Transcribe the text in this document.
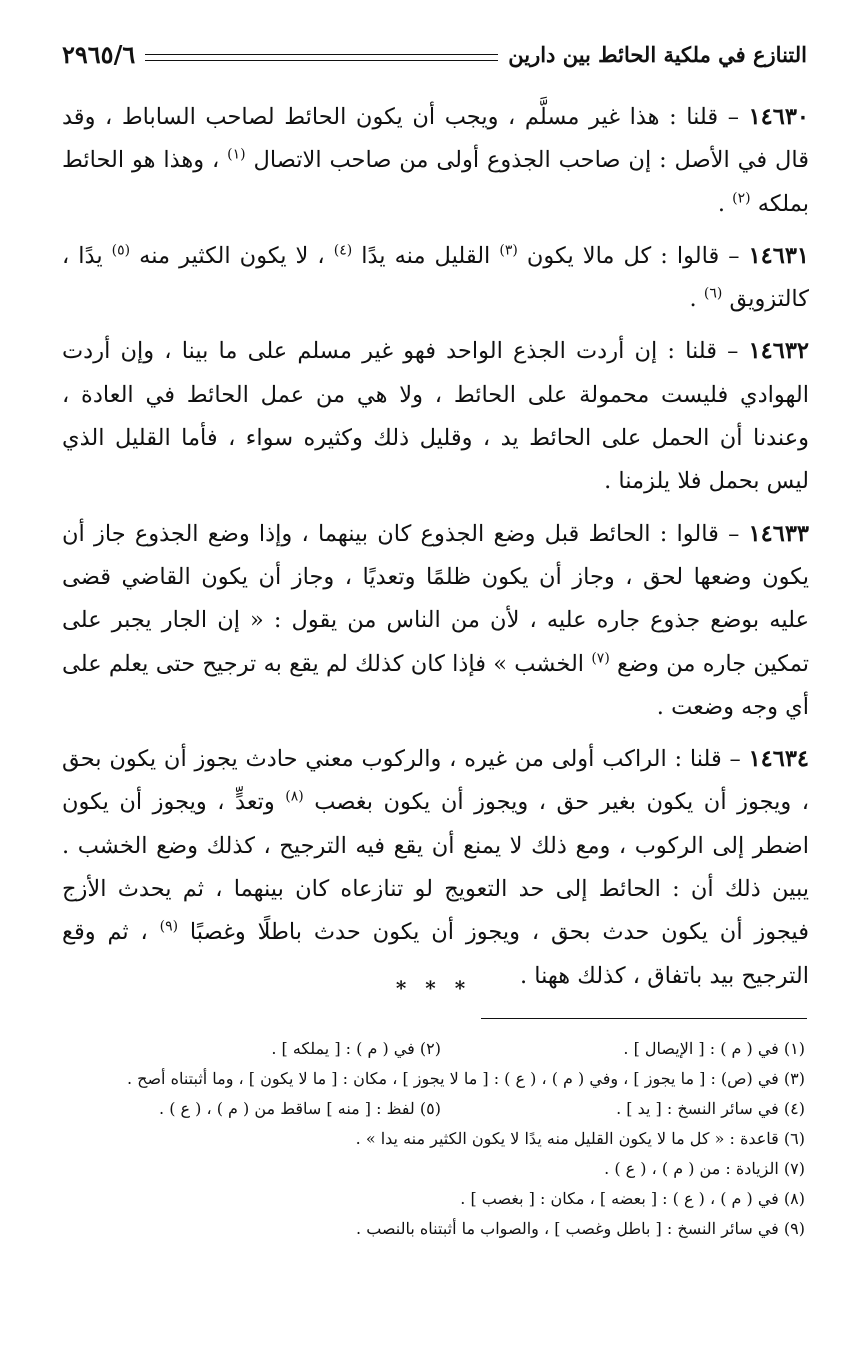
التنازع في ملكية الحائط بين دارين
٢٩٦٥/٦

١٤٦٣٠ – قلنا : هذا غير مسلَّم ، ويجب أن يكون الحائط لصاحب الساباط ، وقد قال في الأصل : إن صاحب الجذوع أولى من صاحب الاتصال $^{(١)}$ ، وهذا هو الحائط بملكه $^{(٢)}$ .

١٤٦٣١ – قالوا : كل مالا يكون $^{(٣)}$ القليل منه يدًا $^{(٤)}$ ، لا يكون الكثير منه $^{(٥)}$ يدًا ، كالتزويق $^{(٦)}$ .

١٤٦٣٢ – قلنا : إن أردت الجذع الواحد فهو غير مسلم على ما بينا ، وإن أردت الهوادي فليست محمولة على الحائط ، ولا هي من عمل الحائط في العادة ، وعندنا أن الحمل على الحائط يد ، وقليل ذلك وكثيره سواء ، فأما القليل الذي ليس بحمل فلا يلزمنا .

١٤٦٣٣ – قالوا : الحائط قبل وضع الجذوع كان بينهما ، وإذا وضع الجذوع جاز أن يكون وضعها لحق ، وجاز أن يكون ظلمًا وتعديًا ، وجاز أن يكون القاضي قضى عليه بوضع جذوع جاره عليه ، لأن من الناس من يقول : « إن الجار يجبر على تمكين جاره من وضع $^{(٧)}$ الخشب » فإذا كان كذلك لم يقع به ترجيح حتى يعلم على أي وجه وضعت .

١٤٦٣٤ – قلنا : الراكب أولى من غيره ، والركوب معني حادث يجوز أن يكون بحق ، ويجوز أن يكون بغير حق ، ويجوز أن يكون بغصب $^{(٨)}$ وتعدٍّ ، ويجوز أن يكون اضطر إلى الركوب ، ومع ذلك لا يمنع أن يقع فيه الترجيح ، كذلك وضع الخشب . يبين ذلك أن : الحائط إلى حد التعويج لو تنازعاه كان بينهما ، ثم يحدث الأزج فيجوز أن يكون حدث بحق ، ويجوز أن يكون حدث باطلًا وغصبًا $^{(٩)}$ ، ثم وقع الترجيح بيد باتفاق ، كذلك ههنا .

* * *
(١) في ( م ) : [ الإيصال ] .
(٢) في ( م ) : [ يملكه ] .
(٣) في (ص) : [ ما يجوز ] ، وفي ( م ) ، ( ع ) : [ ما لا يجوز ] ، مكان : [ ما لا يكون ] ، وما أثبتناه أصح .
(٤) في سائر النسخ : [ يد ] .
(٥) لفظ : [ منه ] ساقط من ( م ) ، ( ع ) .
(٦) قاعدة : « كل ما لا يكون القليل منه يدًا لا يكون الكثير منه يدا » .
(٧) الزيادة : من ( م ) ، ( ع ) .
(٨) في ( م ) ، ( ع ) : [ بعضه ] ، مكان : [ بغصب ] .
(٩) في سائر النسخ : [ باطل وغصب ] ، والصواب ما أثبتناه بالنصب .
